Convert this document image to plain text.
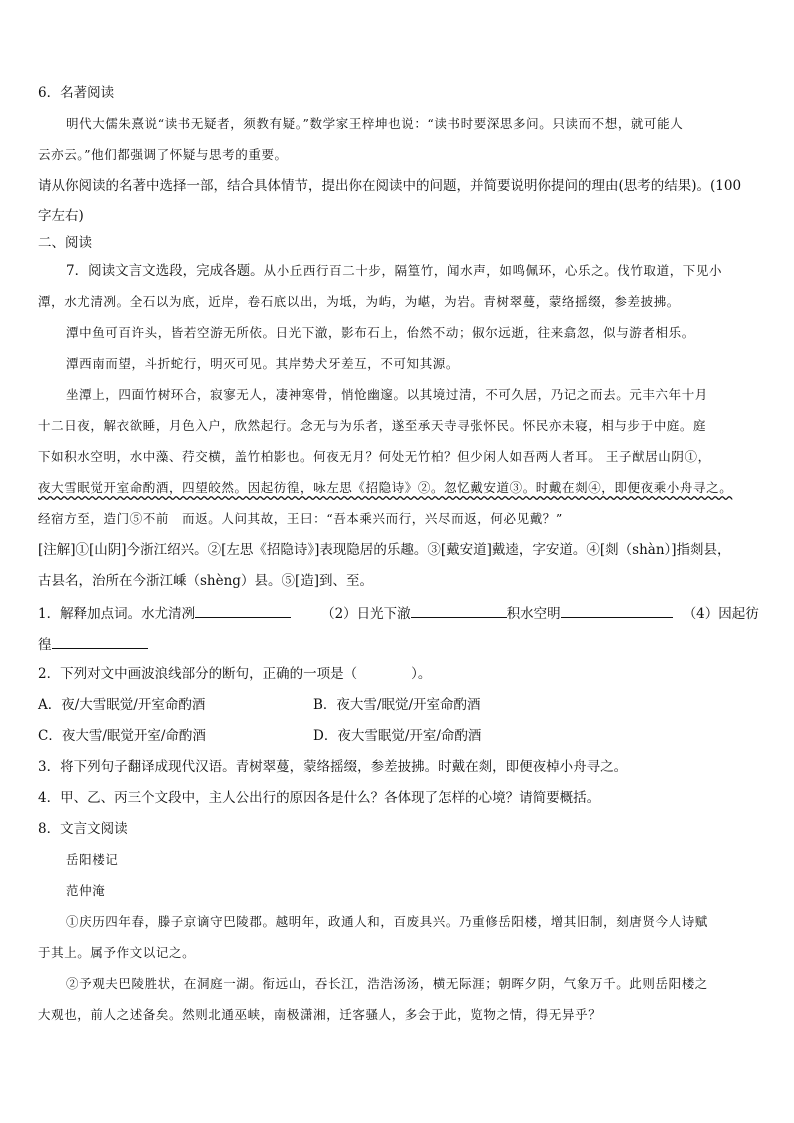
6．名著阅读
明代大儒朱熹说“读书无疑者，须教有疑。”数学家王梓坤也说：“读书时要深思多问。只读而不想，就可能人
云亦云。”他们都强调了怀疑与思考的重要。
请从你阅读的名著中选择一部，结合具体情节，提出你在阅读中的问题，并简要说明你提问的理由(思考的结果)。(100
字左右)
二、阅读
7．阅读文言文选段，完成各题。从小丘西行百二十步，隔篁竹，闻水声，如鸣佩环，心乐之。伐竹取道，下见小
潭，水尤清冽。全石以为底，近岸，卷石底以出，为坻，为屿，为嵁，为岩。青树翠蔓，蒙络摇缀，参差披拂。
潭中鱼可百许头，皆若空游无所依。日光下澈，影布石上，佁然不动；俶尔远逝，往来翕忽，似与游者相乐。
潭西南而望，斗折蛇行，明灭可见。其岸势犬牙差互，不可知其源。
坐潭上，四面竹树环合，寂寥无人，凄神寒骨，悄怆幽邃。以其境过清，不可久居，乃记之而去。元丰六年十月
十二日夜，解衣欲睡，月色入户，欣然起行。念无与为乐者，遂至承天寺寻张怀民。怀民亦未寝，相与步于中庭。庭
下如积水空明，水中藻、荇交横，盖竹柏影也。何夜无月？何处无竹柏？但少闲人如吾两人者耳。 王子猷居山阴①，
夜大雪眠觉开室命酌酒，四望皎然。因起彷徨，咏左思《招隐诗》②。忽忆戴安道③。时戴在剡④，即便夜乘小舟寻之。
经宿方至，造门⑤不前　而返。人问其故，王曰：“吾本乘兴而行，兴尽而返，何必见戴？”
[注解]①[山阴]今浙江绍兴。②[左思《招隐诗》]表现隐居的乐趣。③[戴安道]戴逵，字安道。④[剡（shàn）]指剡县，
古县名，治所在今浙江嵊（shèng）县。⑤[造]到、至。
1．解释加点词。水尤清冽	（2）日光下澈	积水空明	（4）因起彷
徨
2．下列对文中画波浪线部分的断句，正确的一项是（　　　　）。
A．夜/大雪眠觉/开室命酌酒	B．夜大雪/眠觉/开室命酌酒
C．夜大雪/眠觉开室/命酌酒	D．夜大雪眠觉/开室/命酌酒
3．将下列句子翻译成现代汉语。青树翠蔓，蒙络摇缀，参差披拂。时戴在剡，即便夜棹小舟寻之。
4．甲、乙、丙三个文段中，主人公出行的原因各是什么？各体现了怎样的心境？请简要概括。
8．文言文阅读
岳阳楼记
范仲淹
①庆历四年春，滕子京谪守巴陵郡。越明年，政通人和，百废具兴。乃重修岳阳楼，增其旧制，刻唐贤今人诗赋
于其上。属予作文以记之。
②予观夫巴陵胜状，在洞庭一湖。衔远山，吞长江，浩浩汤汤，横无际涯；朝晖夕阴，气象万千。此则岳阳楼之
大观也，前人之述备矣。然则北通巫峡，南极潇湘，迁客骚人，多会于此，览物之情，得无异乎？
